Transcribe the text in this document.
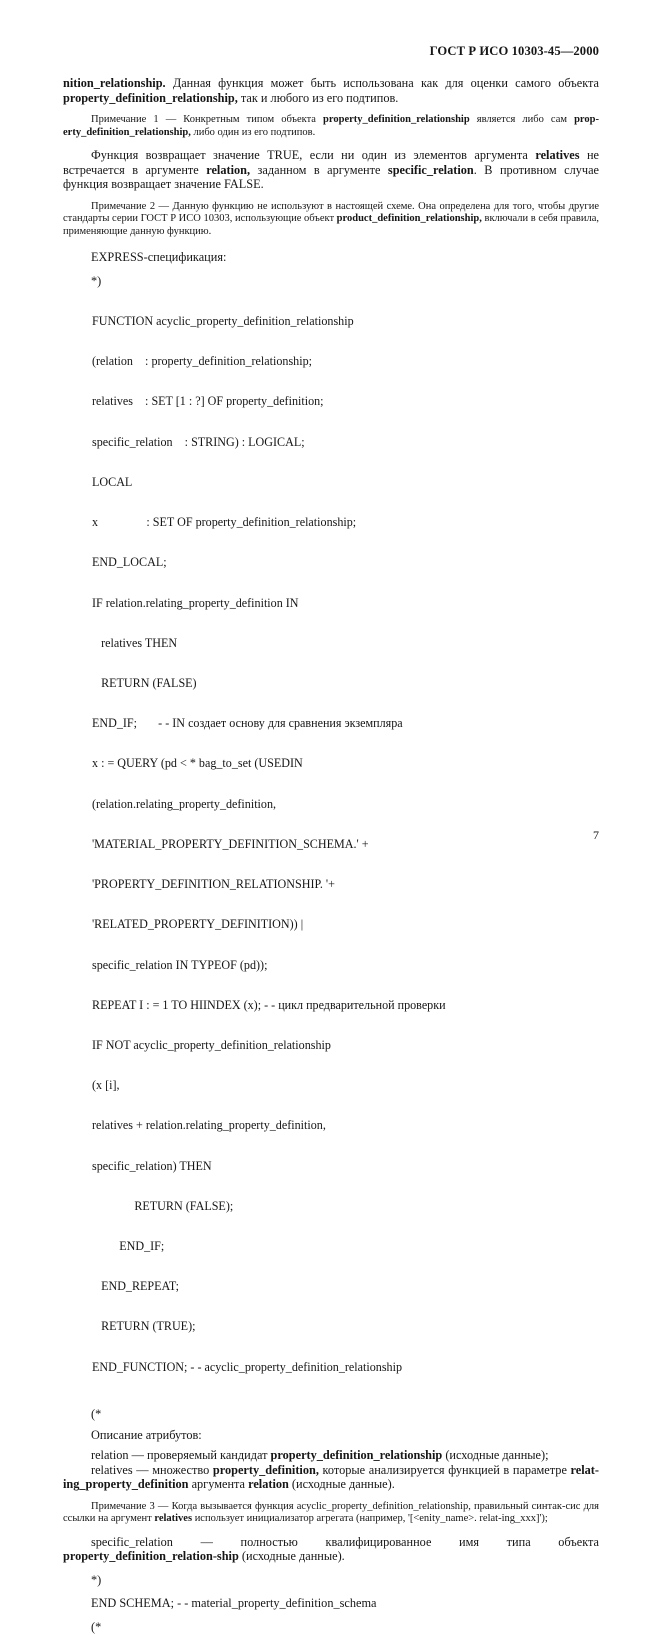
ГОСТ Р ИСО 10303-45—2000

nition_relationship. Данная функция может быть использована как для оценки самого объекта property_definition_relationship, так и любого из его подтипов.

Примечание 1 — Конкретным типом объекта property_definition_relationship является либо сам prop-erty_definition_relationship, либо один из его подтипов.

Функция возвращает значение TRUE, если ни один из элементов аргумента relatives не встречается в аргументе relation, заданном в аргументе specific_relation. В противном случае функция возвращает значение FALSE.

Примечание 2 — Данную функцию не используют в настоящей схеме. Она определена для того, чтобы другие стандарты серии ГОСТ Р ИСО 10303, использующие объект product_definition_relationship, включали в себя правила, применяющие данную функцию.

EXPRESS-спецификация:

*)

FUNCTION acyclic_property_definition_relationship

(relation    : property_definition_relationship;

relatives    : SET [1 : ?] OF property_definition;

specific_relation    : STRING) : LOGICAL;

LOCAL

x                : SET OF property_definition_relationship;

END_LOCAL;

IF relation.relating_property_definition IN

relatives THEN

RETURN (FALSE)

END_IF;       - - IN создает основу для сравнения экземпляра

x : = QUERY (pd < * bag_to_set (USEDIN

(relation.relating_property_definition,

'MATERIAL_PROPERTY_DEFINITION_SCHEMA.' +

'PROPERTY_DEFINITION_RELATIONSHIP. '+

'RELATED_PROPERTY_DEFINITION)) |

specific_relation IN TYPEOF (pd));

REPEAT I : = 1 TO HIINDEX (x); - - цикл предварительной проверки

IF NOT acyclic_property_definition_relationship

(x [i],

relatives + relation.relating_property_definition,

specific_relation) THEN

RETURN (FALSE);

END_IF;

END_REPEAT;

RETURN (TRUE);

END_FUNCTION; - - acyclic_property_definition_relationship

(*

Описание атрибутов:

relation — проверяемый кандидат property_definition_relationship (исходные данные);

relatives — множество property_definition, которые анализируется функцией в параметре relat-ing_property_definition аргумента relation (исходные данные).

Примечание 3 — Когда вызывается функция acyclic_property_definition_relationship, правильный синтак-сис для ссылки на аргумент relatives использует инициализатор агрегата (например, '[<enity_name>. relat-ing_xxx]');

specific_relation — полностью квалифицированное имя типа объекта property_definition_relation-ship (исходные данные).

*)

END SCHEMA; - - material_property_definition_schema

(*

7
